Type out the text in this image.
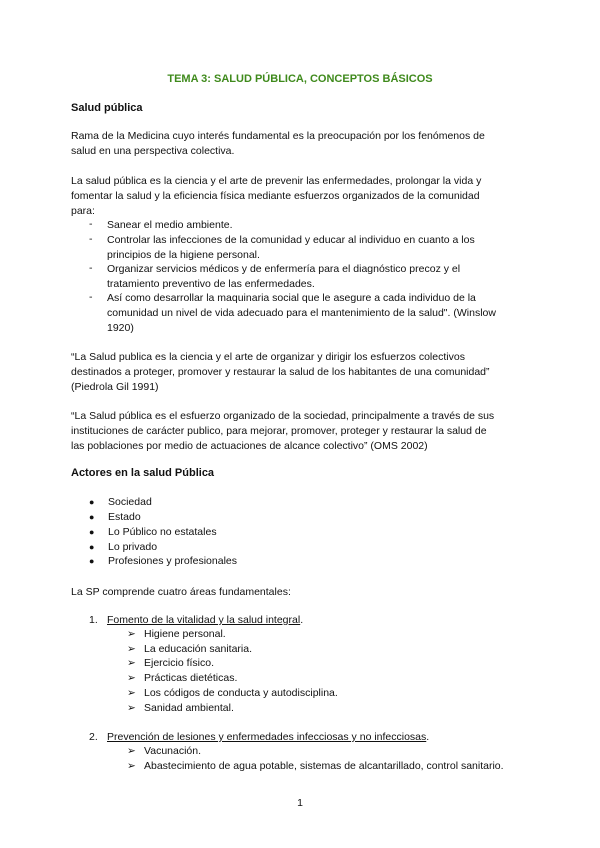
TEMA 3: SALUD PÚBLICA, CONCEPTOS BÁSICOS
Salud pública
Rama de la Medicina cuyo interés fundamental es la preocupación por los fenómenos de
salud en una perspectiva colectiva.
La salud pública es la ciencia y el arte de prevenir las enfermedades, prolongar la vida y
fomentar la salud y la eficiencia física mediante esfuerzos organizados de la comunidad
para:
- Sanear el medio ambiente.
- Controlar las infecciones de la comunidad y educar al individuo en cuanto a los
principios de la higiene personal.
- Organizar servicios médicos y de enfermería para el diagnóstico precoz y el
tratamiento preventivo de las enfermedades.
- Así como desarrollar la maquinaria social que le asegure a cada individuo de la
comunidad un nivel de vida adecuado para el mantenimiento de la salud". (Winslow
1920)
“La Salud publica es la ciencia y el arte de organizar y dirigir los esfuerzos colectivos
destinados a proteger, promover y restaurar la salud de los habitantes de una comunidad”
(Piedrola Gil 1991)
“La Salud pública es el esfuerzo organizado de la sociedad, principalmente a través de sus
instituciones de carácter publico, para mejorar, promover, proteger y restaurar la salud de
las poblaciones por medio de actuaciones de alcance colectivo” (OMS 2002)
Actores en la salud Pública
● Sociedad
● Estado
● Lo Público no estatales
● Lo privado
● Profesiones y profesionales
La SP comprende cuatro áreas fundamentales:
1. Fomento de la vitalidad y la salud integral.
➢ Higiene personal.
➢ La educación sanitaria.
➢ Ejercicio físico.
➢ Prácticas dietéticas.
➢ Los códigos de conducta y autodisciplina.
➢ Sanidad ambiental.
2. Prevención de lesiones y enfermedades infecciosas y no infecciosas.
➢ Vacunación.
➢ Abastecimiento de agua potable, sistemas de alcantarillado, control sanitario.
1
